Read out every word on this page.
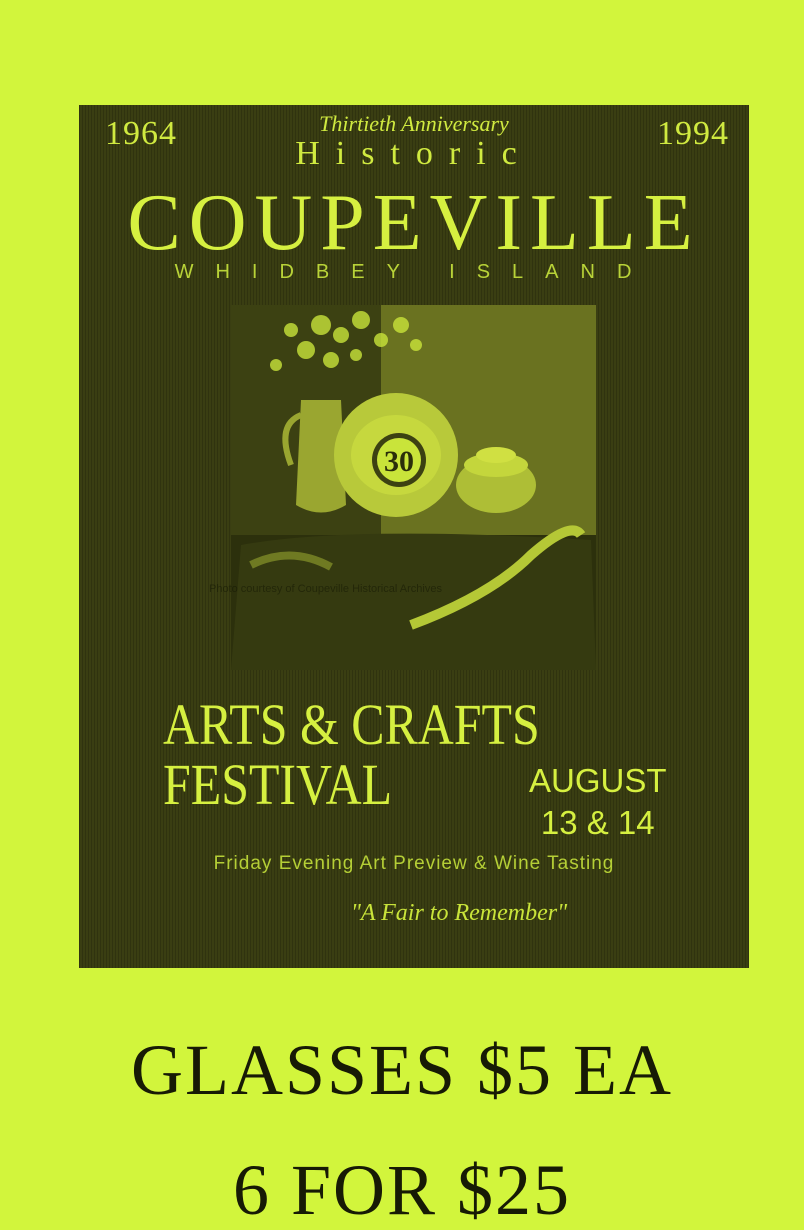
1964	1994
Thirtieth Anniversary
Historic
COUPEVILLE
WHIDBEY ISLAND
30
Photo courtesy of Coupeville Historical Archives
ARTS & CRAFTS
FESTIVAL	AUGUST
13 & 14
Friday Evening Art Preview & Wine Tasting
"A Fair to Remember"
GLASSES $5 EA
6 FOR $25
